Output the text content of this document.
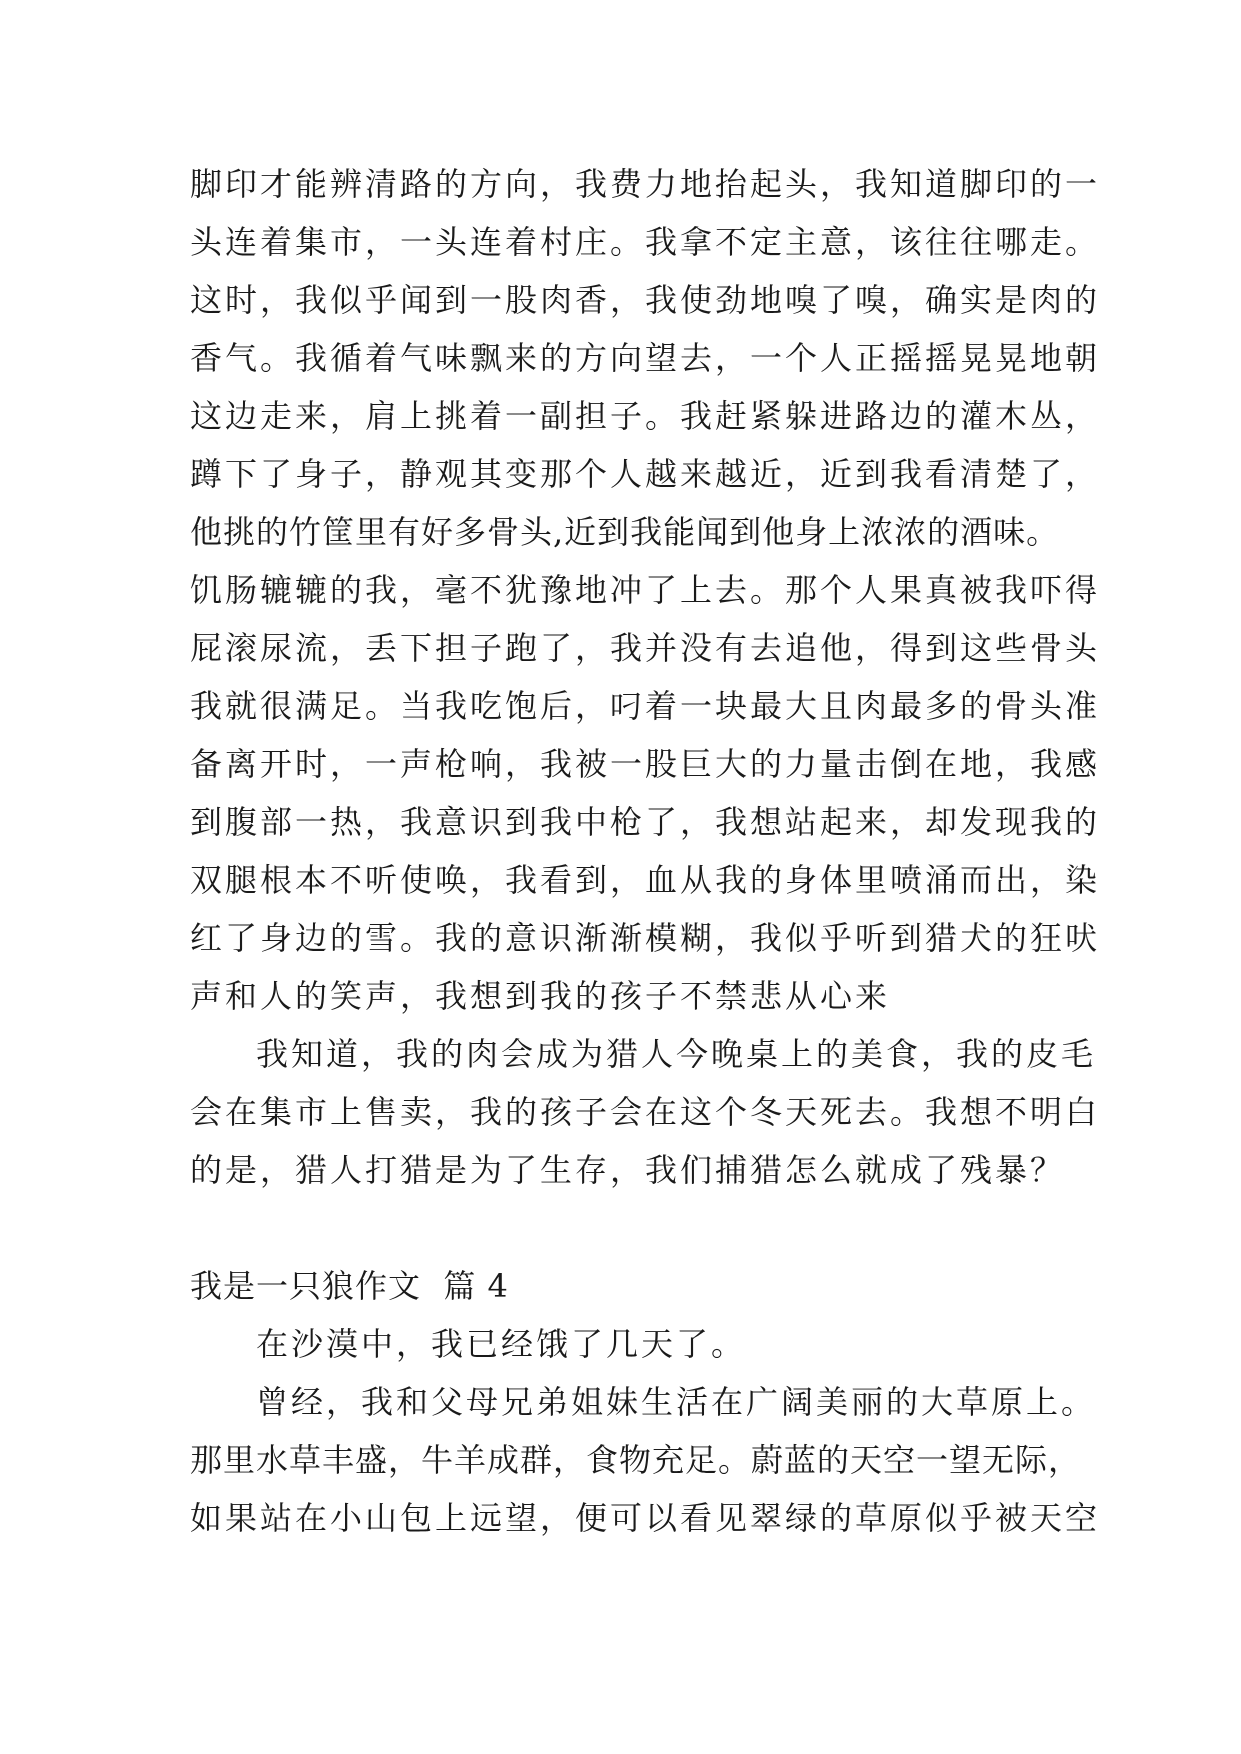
脚印才能辨清路的方向，我费力地抬起头，我知道脚印的一
头连着集市，一头连着村庄。我拿不定主意，该往往哪走。
这时，我似乎闻到一股肉香，我使劲地嗅了嗅，确实是肉的
香气。我循着气味飘来的方向望去，一个人正摇摇晃晃地朝
这边走来，肩上挑着一副担子。我赶紧躲进路边的灌木丛，
蹲下了身子，静观其变那个人越来越近，近到我看清楚了，
他挑的竹筐里有好多骨头,近到我能闻到他身上浓浓的酒味。
饥肠辘辘的我，毫不犹豫地冲了上去。那个人果真被我吓得
屁滚尿流，丢下担子跑了，我并没有去追他，得到这些骨头
我就很满足。当我吃饱后，叼着一块最大且肉最多的骨头准
备离开时，一声枪响，我被一股巨大的力量击倒在地，我感
到腹部一热，我意识到我中枪了，我想站起来，却发现我的
双腿根本不听使唤，我看到，血从我的身体里喷涌而出，染
红了身边的雪。我的意识渐渐模糊，我似乎听到猎犬的狂吠
声和人的笑声，我想到我的孩子不禁悲从心来
我知道，我的肉会成为猎人今晚桌上的美食，我的皮毛
会在集市上售卖，我的孩子会在这个冬天死去。我想不明白
的是，猎人打猎是为了生存，我们捕猎怎么就成了残暴？
我是一只狼作文  篇 4
在沙漠中，我已经饿了几天了。
曾经，我和父母兄弟姐妹生活在广阔美丽的大草原上。
那里水草丰盛，牛羊成群，食物充足。蔚蓝的天空一望无际，
如果站在小山包上远望，便可以看见翠绿的草原似乎被天空
